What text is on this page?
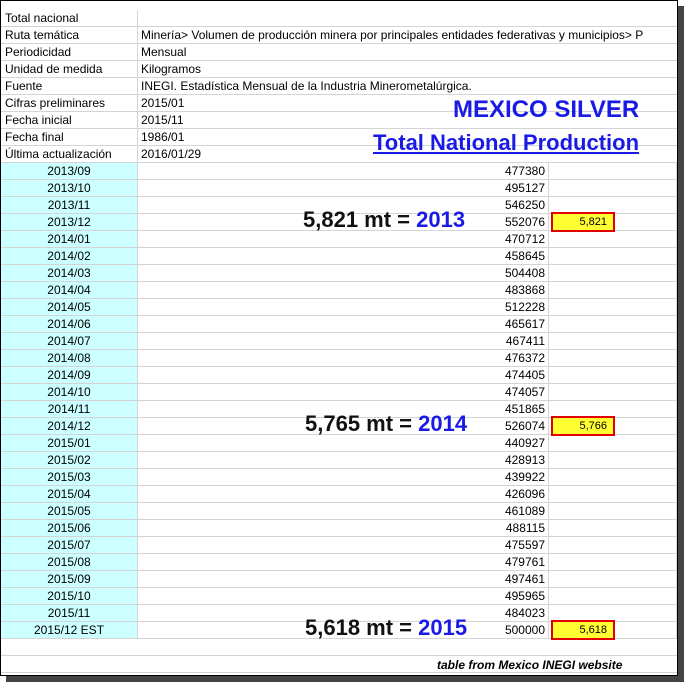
Total nacional
Ruta temática	Minería> Volumen de producción minera por principales entidades federativas y municipios> P
Periodicidad	Mensual
Unidad de medida	Kilogramos
Fuente	INEGI. Estadística Mensual de la Industria Minerometalúrgica.
Cifras preliminares	2015/01
Fecha inicial	2015/11
Fecha final	1986/01
Última actualización	2016/01/29
2013/09	477380
2013/10	495127
2013/11	546250
2013/12	552076
2014/01	470712
2014/02	458645
2014/03	504408
2014/04	483868
2014/05	512228
2014/06	465617
2014/07	467411
2014/08	476372
2014/09	474405
2014/10	474057
2014/11	451865
2014/12	526074
2015/01	440927
2015/02	428913
2015/03	439922
2015/04	426096
2015/05	461089
2015/06	488115
2015/07	475597
2015/08	479761
2015/09	497461
2015/10	495965
2015/11	484023
2015/12 EST	500000
5,821
5,766
5,618
5,821 mt = 2013
5,765 mt = 2014
5,618 mt = 2015
MEXICO SILVER
Total National Production
table from Mexico INEGI website
